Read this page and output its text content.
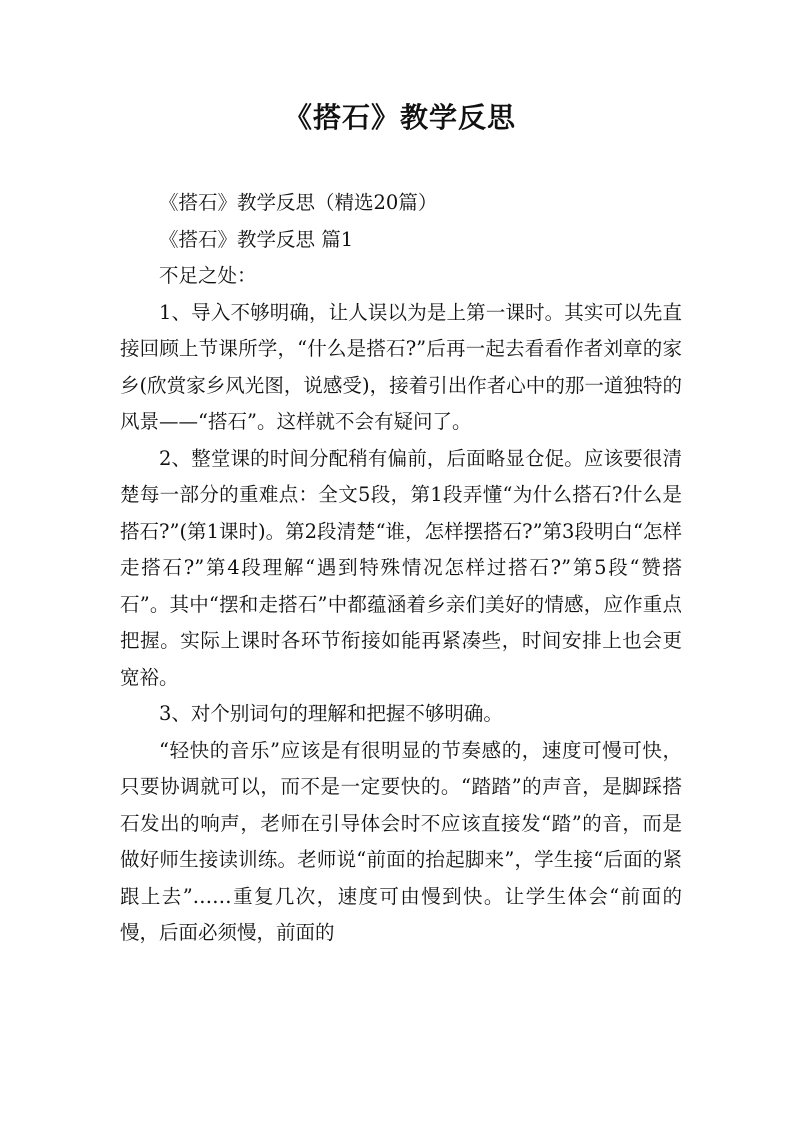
《搭石》教学反思

《搭石》教学反思（精选20篇）

《搭石》教学反思 篇1

不足之处：

1、导入不够明确，让人误以为是上第一课时。其实可以先直接回顾上节课所学，“什么是搭石?”后再一起去看看作者刘章的家乡(欣赏家乡风光图，说感受)，接着引出作者心中的那一道独特的风景——“搭石”。这样就不会有疑问了。

2、整堂课的时间分配稍有偏前，后面略显仓促。应该要很清楚每一部分的重难点：全文5段，第1段弄懂“为什么搭石?什么是搭石?”(第1课时)。第2段清楚“谁，怎样摆搭石?”第3段明白“怎样走搭石?”第4段理解“遇到特殊情况怎样过搭石?”第5段“赞搭石”。其中“摆和走搭石”中都蕴涵着乡亲们美好的情感，应作重点把握。实际上课时各环节衔接如能再紧凑些，时间安排上也会更宽裕。

3、对个别词句的理解和把握不够明确。

“轻快的音乐”应该是有很明显的节奏感的，速度可慢可快，只要协调就可以，而不是一定要快的。“踏踏”的声音，是脚踩搭石发出的响声，老师在引导体会时不应该直接发“踏”的音，而是做好师生接读训练。老师说“前面的抬起脚来”，学生接“后面的紧跟上去”……重复几次，速度可由慢到快。让学生体会“前面的慢，后面必须慢，前面的
